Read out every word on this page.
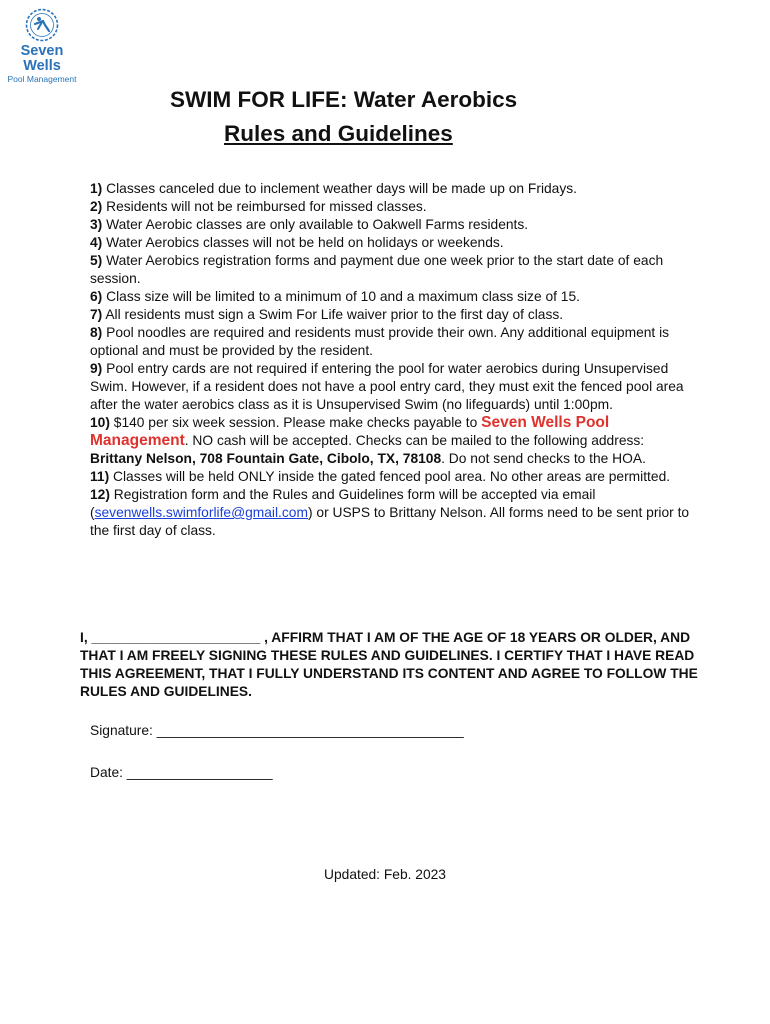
Seven Wells
Pool Management
SWIM FOR LIFE: Water Aerobics
Rules and Guidelines

1) Classes canceled due to inclement weather days will be made up on Fridays.

2) Residents will not be reimbursed for missed classes.

3) Water Aerobic classes are only available to Oakwell Farms residents.

4) Water Aerobics classes will not be held on holidays or weekends.

5) Water Aerobics registration forms and payment due one week prior to the start date of each session.

6) Class size will be limited to a minimum of 10 and a maximum class size of 15.

7) All residents must sign a Swim For Life waiver prior to the first day of class.

8) Pool noodles are required and residents must provide their own. Any additional equipment is optional and must be provided by the resident.

9) Pool entry cards are not required if entering the pool for water aerobics during Unsupervised Swim. However, if a resident does not have a pool entry card, they must exit the fenced pool area after the water aerobics class as it is Unsupervised Swim (no lifeguards) until 1:00pm.

10) $140 per six week session. Please make checks payable to Seven Wells Pool Management. NO cash will be accepted. Checks can be mailed to the following address: Brittany Nelson, 708 Fountain Gate, Cibolo, TX, 78108. Do not send checks to the HOA.

11) Classes will be held ONLY inside the gated fenced pool area. No other areas are permitted.

12) Registration form and the Rules and Guidelines form will be accepted via email (sevenwells.swimforlife@gmail.com) or USPS to Brittany Nelson. All forms need to be sent prior to the first day of class.

I, ______________________ , AFFIRM THAT I AM OF THE AGE OF 18 YEARS OR OLDER, AND THAT I AM FREELY SIGNING THESE RULES AND GUIDELINES. I CERTIFY THAT I HAVE READ THIS AGREEMENT, THAT I FULLY UNDERSTAND ITS CONTENT AND AGREE TO FOLLOW THE RULES AND GUIDELINES.
Signature: ________________________________________
Date: ___________________
Updated: Feb. 2023
